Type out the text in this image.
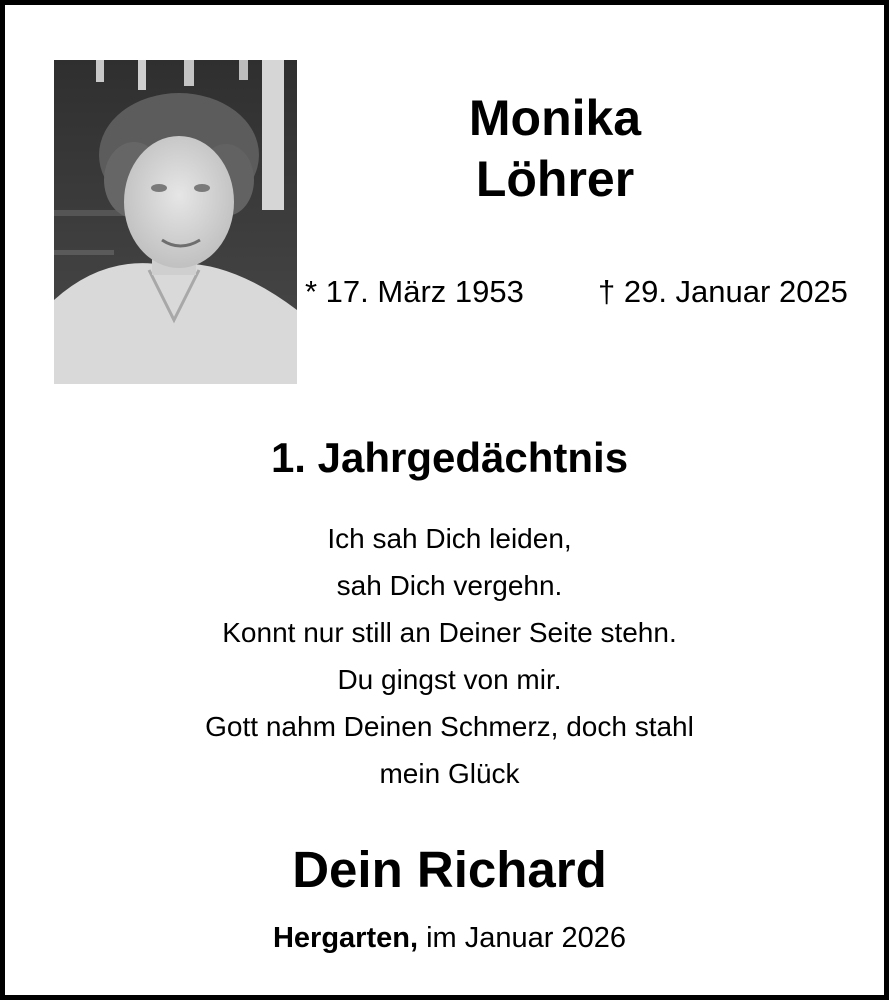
Monika
Löhrer
* 17. März 1953 † 29. Januar 2025
1. Jahrgedächtnis
Ich sah Dich leiden,
sah Dich vergehn.
Konnt nur still an Deiner Seite stehn.
Du gingst von mir.
Gott nahm Deinen Schmerz, doch stahl
mein Glück
Dein Richard
Hergarten, im Januar 2026
